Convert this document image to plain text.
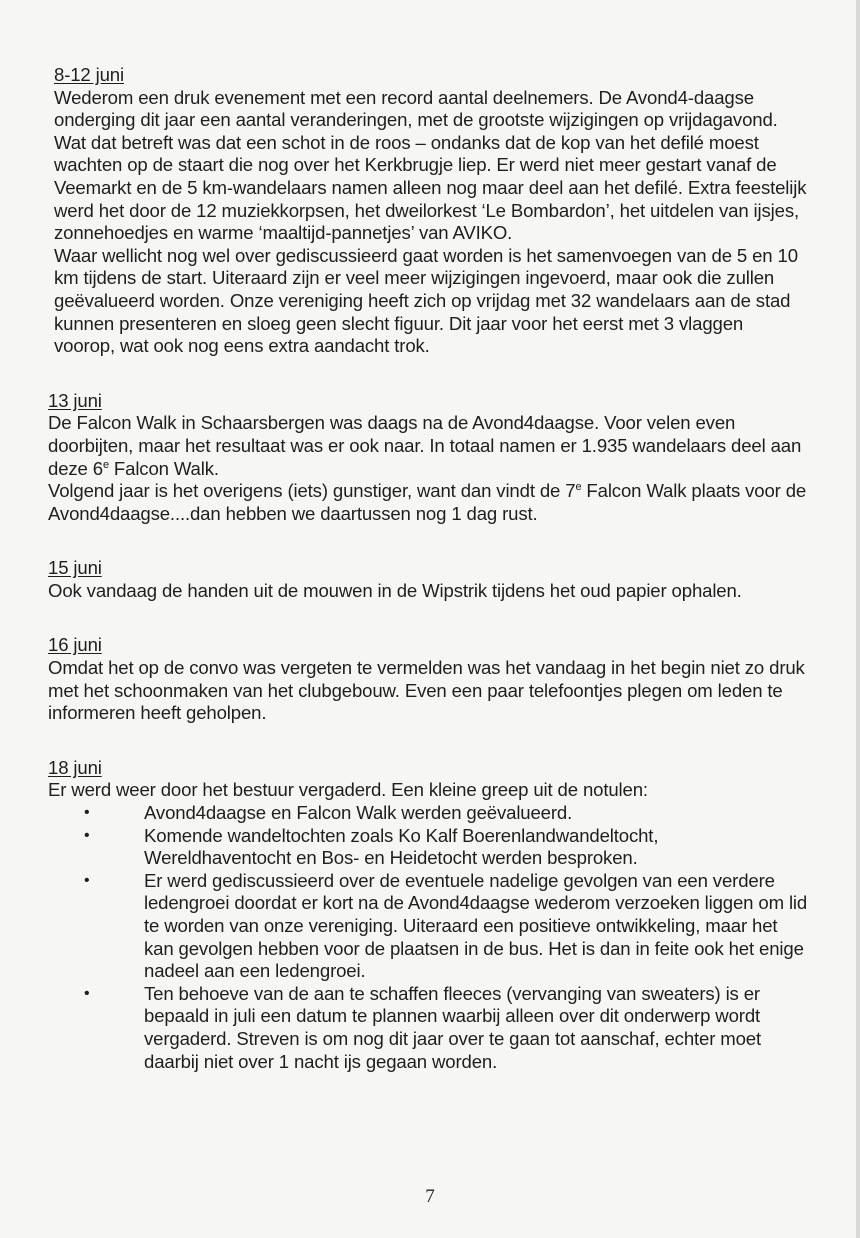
8-12 juni

Wederom een druk evenement met een record aantal deelnemers. De Avond4-daagse onderging dit jaar een aantal veranderingen, met de grootste wijzigingen op vrijdagavond. Wat dat betreft was dat een schot in de roos – ondanks dat de kop van het defilé moest wachten op de staart die nog over het Kerkbrugje liep. Er werd niet meer gestart vanaf de Veemarkt en de 5 km-wandelaars namen alleen nog maar deel aan het defilé. Extra feestelijk werd het door de 12 muziekkorpsen, het dweilorkest ‘Le Bombardon’, het uitdelen van ijsjes, zonnehoedjes en warme ‘maaltijd-pannetjes’ van AVIKO.

Waar wellicht nog wel over gediscussieerd gaat worden is het samenvoegen van de 5 en 10 km tijdens de start. Uiteraard zijn er veel meer wijzigingen ingevoerd, maar ook die zullen geëvalueerd worden. Onze vereniging heeft zich op vrijdag met 32 wandelaars aan de stad kunnen presenteren en sloeg geen slecht figuur. Dit jaar voor het eerst met 3 vlaggen voorop, wat ook nog eens extra aandacht trok.

13 juni

De Falcon Walk in Schaarsbergen was daags na de Avond4daagse. Voor velen even doorbijten, maar het resultaat was er ook naar. In totaal namen er 1.935 wandelaars deel aan deze 6e Falcon Walk.

Volgend jaar is het overigens (iets) gunstiger, want dan vindt de 7e Falcon Walk plaats voor de Avond4daagse....dan hebben we daartussen nog 1 dag rust.

15 juni

Ook vandaag de handen uit de mouwen in de Wipstrik tijdens het oud papier ophalen.

16 juni

Omdat het op de convo was vergeten te vermelden was het vandaag in het begin niet zo druk met het schoonmaken van het clubgebouw. Even een paar telefoontjes plegen om leden te informeren heeft geholpen.

18 juni

Er werd weer door het bestuur vergaderd. Een kleine greep uit de notulen:

•	Avond4daagse en Falcon Walk werden geëvalueerd.
•	Komende wandeltochten zoals Ko Kalf Boerenlandwandeltocht, Wereldhaventocht en Bos- en Heidetocht werden besproken.
•	Er werd gediscussieerd over de eventuele nadelige gevolgen van een verdere ledengroei doordat er kort na de Avond4daagse wederom verzoeken liggen om lid te worden van onze vereniging. Uiteraard een positieve ontwikkeling, maar het kan gevolgen hebben voor de plaatsen in de bus. Het is dan in feite ook het enige nadeel aan een ledengroei.
•	Ten behoeve van de aan te schaffen fleeces (vervanging van sweaters) is er bepaald in juli een datum te plannen waarbij alleen over dit onderwerp wordt vergaderd. Streven is om nog dit jaar over te gaan tot aanschaf, echter moet daarbij niet over 1 nacht ijs gegaan worden.
7
